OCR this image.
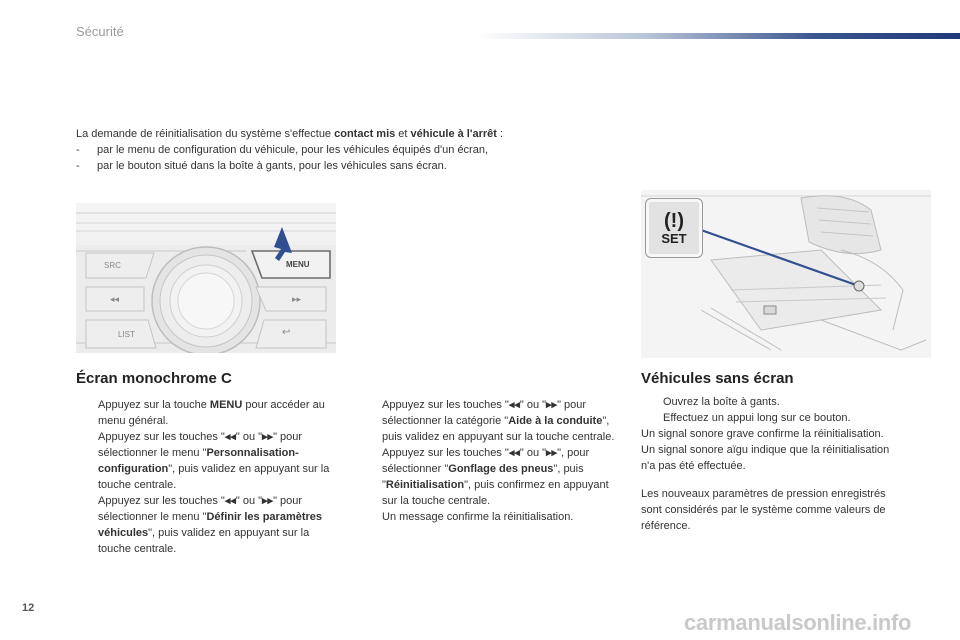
Sécurité
La demande de réinitialisation du système s'effectue contact mis et véhicule à l'arrêt :
-	par le menu de configuration du véhicule, pour les véhicules équipés d'un écran,
-	par le bouton situé dans la boîte à gants, pour les véhicules sans écran.
SRC	MENU
◂◂	▸▸
LIST	↩
(!)
SET
Écran monochrome C	Véhicules sans écran
Appuyez sur la touche MENU pour accéder au menu général.
Appuyez sur les touches "◂◂" ou "▸▸" pour sélectionner le menu "Personnalisation-configuration", puis validez en appuyant sur la touche centrale.
Appuyez sur les touches "◂◂" ou "▸▸" pour sélectionner le menu "Définir les paramètres véhicules", puis validez en appuyant sur la touche centrale.
Appuyez sur les touches "◂◂" ou "▸▸" pour sélectionner la catégorie "Aide à la conduite", puis validez en appuyant sur la touche centrale.
Appuyez sur les touches "◂◂" ou "▸▸", pour sélectionner "Gonflage des pneus", puis "Réinitialisation", puis confirmez en appuyant sur la touche centrale.
Un message confirme la réinitialisation.
Ouvrez la boîte à gants.
Effectuez un appui long sur ce bouton.

Un signal sonore grave confirme la réinitialisation.

Un signal sonore aïgu indique que la réinitialisation n'a pas été effectuée.

Les nouveaux paramètres de pression enregistrés sont considérés par le système comme valeurs de référence.

12
carmanualsonline.info
